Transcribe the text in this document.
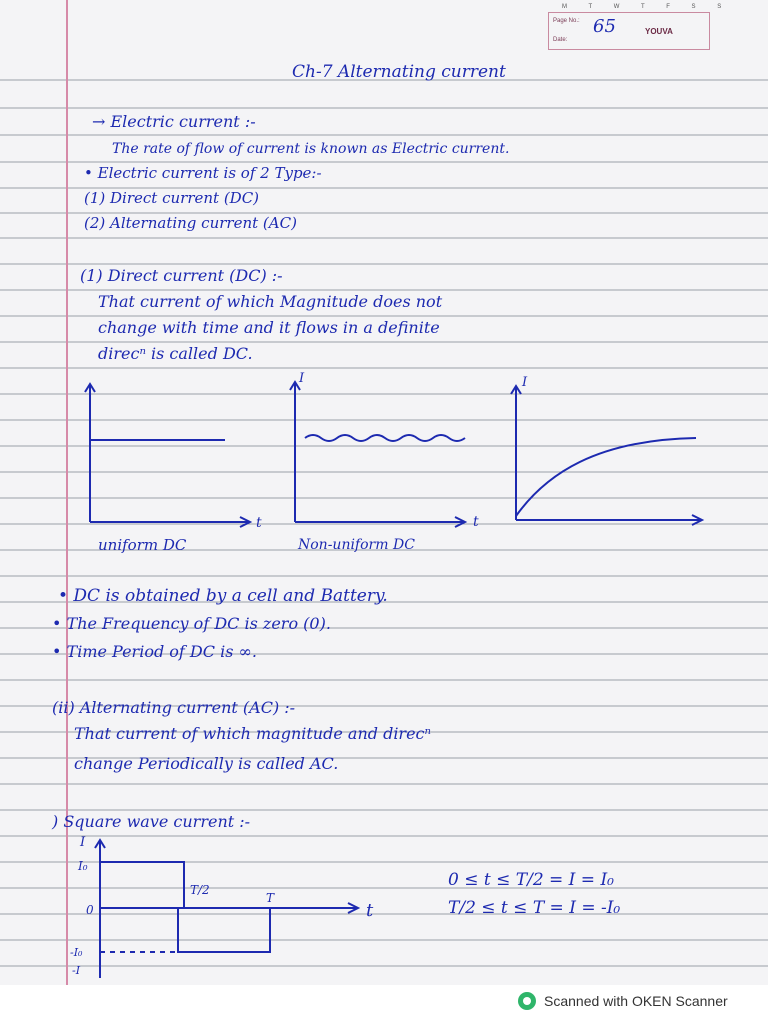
M T W T F S S
Page No.: 65
Date:
YOUVA
Ch-7 Alternating current
→ Electric current :-
The rate of flow of current is known as Electric current.
• Electric current is of 2 Type:-
(1) Direct current (DC)
(2) Alternating current (AC)
(1) Direct current (DC) :-
That current of which Magnitude does not
change with time and it flows in a definite
direcⁿ is called DC.
t
uniform DC
I
t
Non-uniform DC
I
• DC is obtained by a cell and Battery.
• The Frequency of DC is zero (0).
• Time Period of DC is ∞.
(ii) Alternating current (AC) :-
That current of which magnitude and direcⁿ
change Periodically is called AC.
) Square wave current :-
I
I₀
0
-I₀
-I
T/2
T
t
0 ≤ t ≤ T/2 = I = I₀
T/2 ≤ t ≤ T = I = -I₀
Scanned with OKEN Scanner
